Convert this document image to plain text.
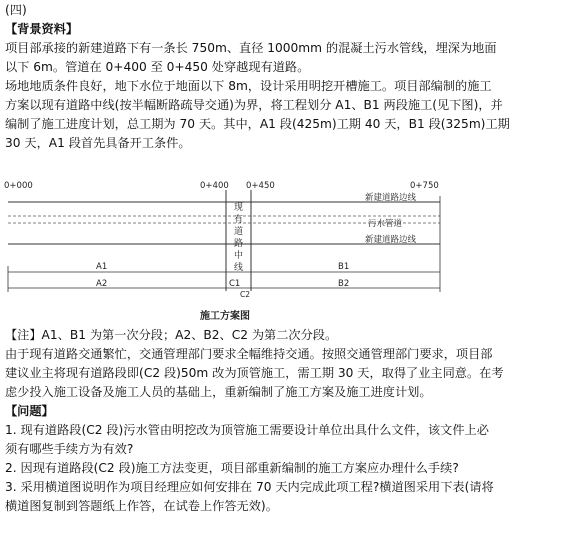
(四)
【背景资料】
项目部承接的新建道路下有一条长 750m、直径 1000mm 的混凝土污水管线，埋深为地面
以下 6m。管道在 0+400 至 0+450 处穿越现有道路。
场地地质条件良好，地下水位于地面以下 8m，设计采用明挖开槽施工。项目部编制的施工
方案以现有道路中线(按半幅断路疏导交通)为界，将工程划分 A1、B1 两段施工(见下图)，并
编制了施工进度计划，总工期为 70 天。其中，A1 段(425m)工期 40 天，B1 段(325m)工期
30 天，A1 段首先具备开工条件。
0+000	0+400 0+450	0+750
新建道路边线
污水管道
新建道路边线
现
有
道
路
中
线
A1	B1
A2	C1	B2
C2
施工方案图
【注】A1、B1 为第一次分段；A2、B2、C2 为第二次分段。
由于现有道路交通繁忙，交通管理部门要求全幅维持交通。按照交通管理部门要求，项目部
建议业主将现有道路段即(C2 段)50m 改为顶管施工，需工期 30 天，取得了业主同意。在考
虑少投入施工设备及施工人员的基础上，重新编制了施工方案及施工进度计划。
【问题】
1. 现有道路段(C2 段)污水管由明挖改为顶管施工需要设计单位出具什么文件，该文件上必
须有哪些手续方为有效?
2. 因现有道路段(C2 段)施工方法变更，项目部重新编制的施工方案应办理什么手续?
3. 采用横道图说明作为项目经理应如何安排在 70 天内完成此项工程?横道图采用下表(请将
横道图复制到答题纸上作答，在试卷上作答无效)。
